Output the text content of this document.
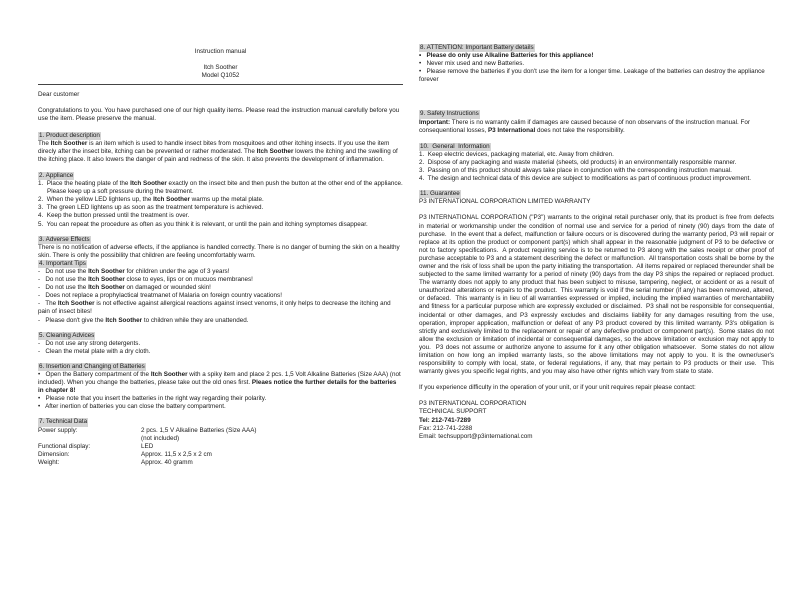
Instruction manual

Itch Soother

Model Q1052

Dear customer

Congratulations to you. You have purchased one of our high quality items. Please read the instruction manual carefully before you use the item. Please preserve the manual.

1. Product description

The Itch Soother is an item which is used to handle insect bites from mosquitoes and other itching insects. If you use the item direcly after the insect bite, itching can be prevented or rather moderated. The Itch Soother lowers the itching and the swelling of the itching place. It also lowers the danger of pain and redness of the skin. It also prevents the development of inflammation.

2. Appliance

1.  Place the heating plate of the Itch Soother exactly on the insect bite and then push the button at the other end of the appliance. Please keep up a soft pressure during the treatment.

2.  When the yellow LED lightens up, the Itch Soother warms up the metal plate.

3.  The green LED lightens up as soon as the treatment temperature is achieved.

4.  Keep the button pressed until the treatment is over.

5.  You can repeat the procedure as often as you think it is relevant, or until the pain and itching symptomes disappear.

3. Adverse Effects

There is no notification of adverse effects, if the appliance is handled correctly. There is no danger of burning the skin on a healthy skin. There is only the possibility that children are feeling uncomfortably warm.

4. Important Tips

-   Do not use the Itch Soother for children under the age of 3 years!

-   Do not use the Itch Soother close to eyes, lips or on mucuos membranes!

-   Do not use the Itch Soother on damaged or wounded skin!

-   Does not replace a prophylactical treatmanet of Malaria on foreign country vacations!

-   The Itch Soother is not effective against allergical reactions against insect venoms, it only helps to decrease the itching and pain of insect bites!

-   Please don't give the Itch Soother to children while they are unattended.

5. Cleaning Advices

-   Do not use any strong detergents.

-   Clean the metal plate with a dry cloth.

6. Insertion and Changing of Batteries

•   Open the Battery compartment of the Itch Soother with a spiky item and place 2 pcs. 1,5 Volt Alkaline Batteries (Size AAA) (not included). When you change the batteries, please take out the old ones first. Pleaes notice the further details for the batteries in chapter 8!

•   Please note that you insert the batteries in the right way regarding their polarity.

•   After inertion of batteries you can close the battery compartment.

7. Technical Data

Power supply:	2 pcs. 1,5 V Alkaline Batteries (Size AAA)
(not included)
Functional display:	LED
Dimension:	Approx. 11,5 x 2,5 x 2 cm
Weight:	Approx. 40 gramm

8. ATTENTION: Important Battery details

•   Please do only use Alkaline Batteries for this appliance!

•   Never mix used and new Batteries.

•   Please remove the batteries if you don't use the item for a longer time. Leakage of the batteries can destroy the appliance forever

9. Safety Instructions

Important: There is no warranty calim if damages are caused because of non observans of the instruction manual. For consequentional losses, P3 International does not take the responsibility.

10.  General  Information

1.  Keep electric devices, packaging material, etc. Away from children.

2.  Dispose of any packaging and waste material (sheets, old products) in an environmentally responsible manner.

3.  Passing on of this product should always take place in conjunction with the corresponding instruction manual.

4.  The design and technical data of this device are subject to modifications as part of continuous product improvement.

11. Guarantee

P3 INTERNATIONAL CORPORATION LIMITED WARRANTY

P3 INTERNATIONAL CORPORATION ("P3") warrants to the original retail purchaser only, that its product is free from defects in material or workmanship under the condition of normal use and service for a period of ninety (90) days from the date of purchase.  In the event that a defect, malfunction or failure occurs or is discovered during the warranty period, P3 will repair or replace at its option the product or component part(s) which shall appear in the reasonable judgment of P3 to be defective or not to factory specifications.  A product requiring service is to be returned to P3 along with the sales receipt or other proof of purchase acceptable to P3 and a statement describing the defect or malfunction.  All transportation costs shall be borne by the owner and the risk of loss shall be upon the party initiating the transportation.  All items repaired or replaced thereunder shall be subjected to the same limited warranty for a period of ninety (90) days from the day P3 ships the repaired or replaced product.  The warranty does not apply to any product that has been subject to misuse, tampering, neglect, or accident or as a result of unauthorized alterations or repairs to the product.  This warranty is void if the serial number (if any) has been removed, altered, or defaced.  This warranty is in lieu of all warranties expressed or implied, including the implied warranties of merchantability and fitness for a particular purpose which are expressly excluded or disclaimed.  P3 shall not be responsible for consequential, incidental or other damages, and P3 expressly excludes and disclaims liability for any damages resulting from the use, operation, improper application, malfunction or defeat of any P3 product covered by this limited warranty. P3's obligation is strictly and exclusively limited to the replacement or repair of any defective product or component part(s).  Some states do not allow the exclusion or limitation of incidental or consequential damages, so the above limitation or exclusion may not apply to you.  P3 does not assume or authorize anyone to assume for it any other obligation whatsoever.  Some states do not allow limitation on how long an implied warranty lasts, so the above limitations may not apply to you. It is the owner/user's responsibility to comply with local, state, or federal regulations, if any, that may pertain to P3 products or their use.  This warranty gives you specific legal rights, and you may also have other rights which vary from state to state.

If you experience difficulty in the operation of your unit, or if your unit requires repair please contact:

P3 INTERNATIONAL CORPORATION

TECHNICAL SUPPORT

Tel: 212-741-7289

Fax: 212-741-2288

Email: techsupport@p3international.com
